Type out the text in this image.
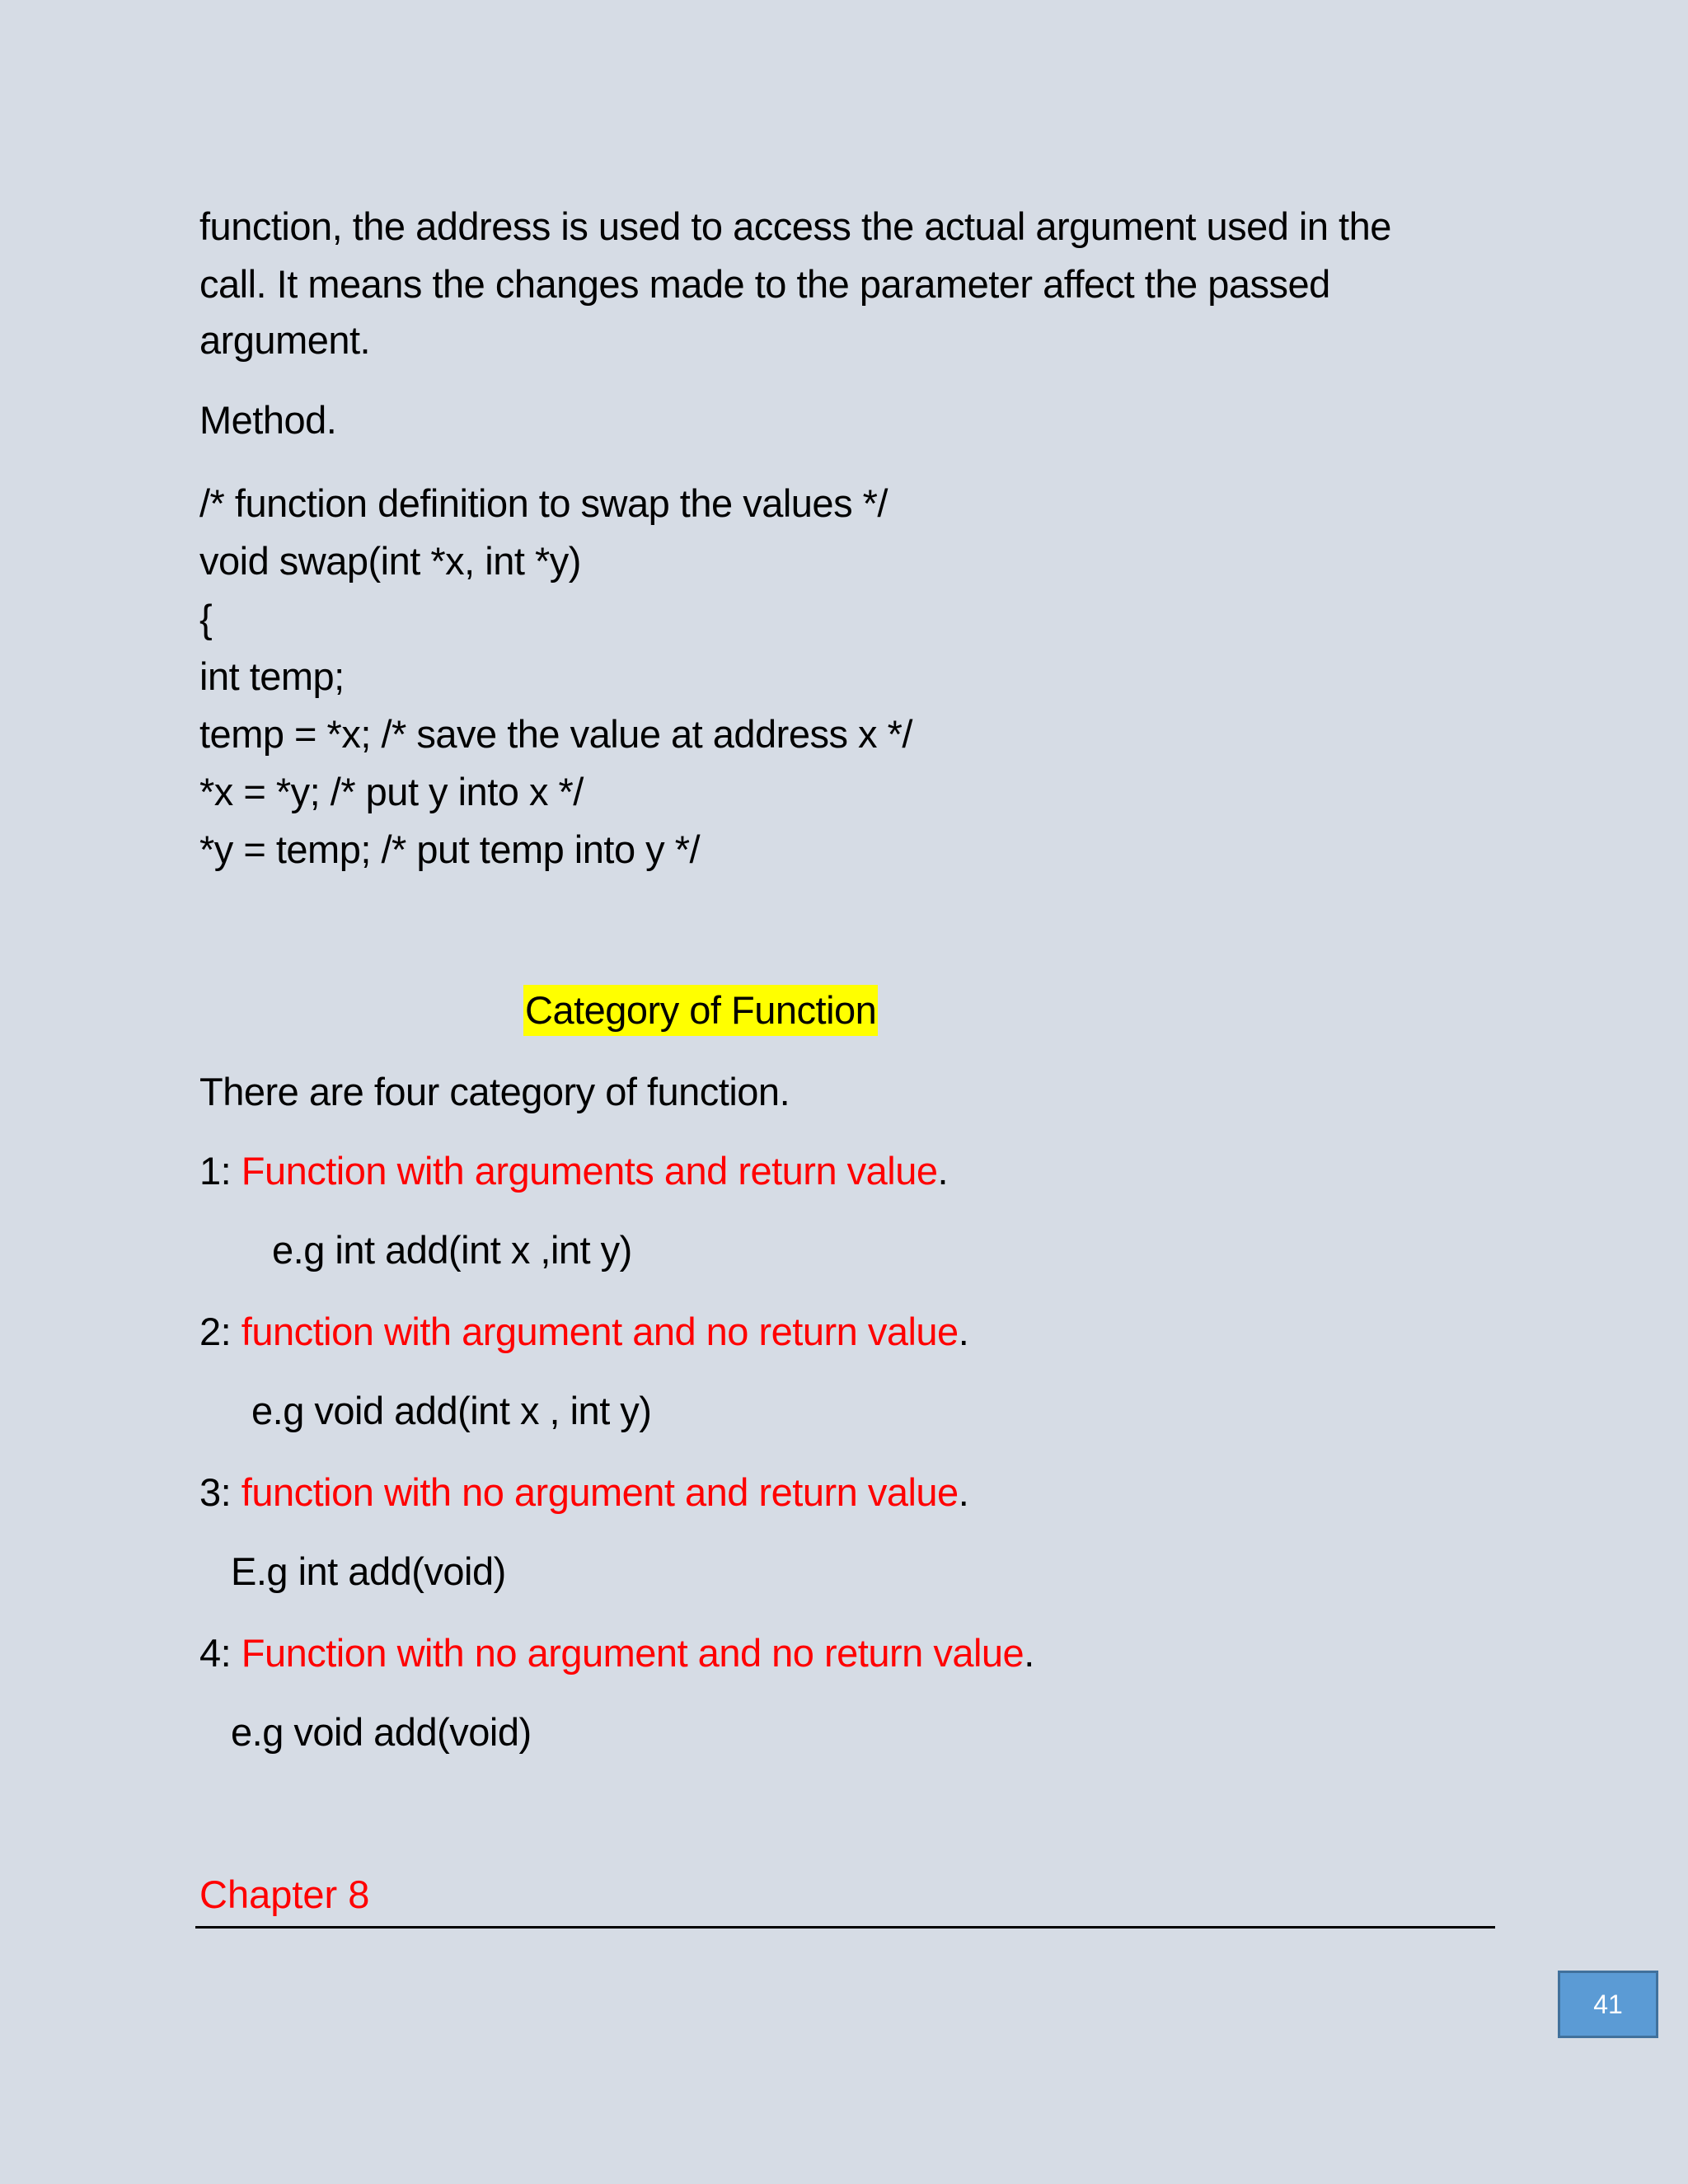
function, the address is used to access the actual argument used in the
call. It means the changes made to the parameter affect the passed
argument.
Method.
/* function definition to swap the values */
void swap(int *x, int *y)
{
int temp;
temp = *x; /* save the value at address x */
*x = *y; /* put y into x */
*y = temp; /* put temp into y */
Category of Function
There are four category of function.
1: Function with arguments and return value.
e.g int add(int x ,int y)
2: function with argument and no return value.
e.g void add(int x , int y)
3: function with no argument and return value.
E.g int add(void)
4: Function with no argument and no return value.
e.g void add(void)
Chapter 8
41
